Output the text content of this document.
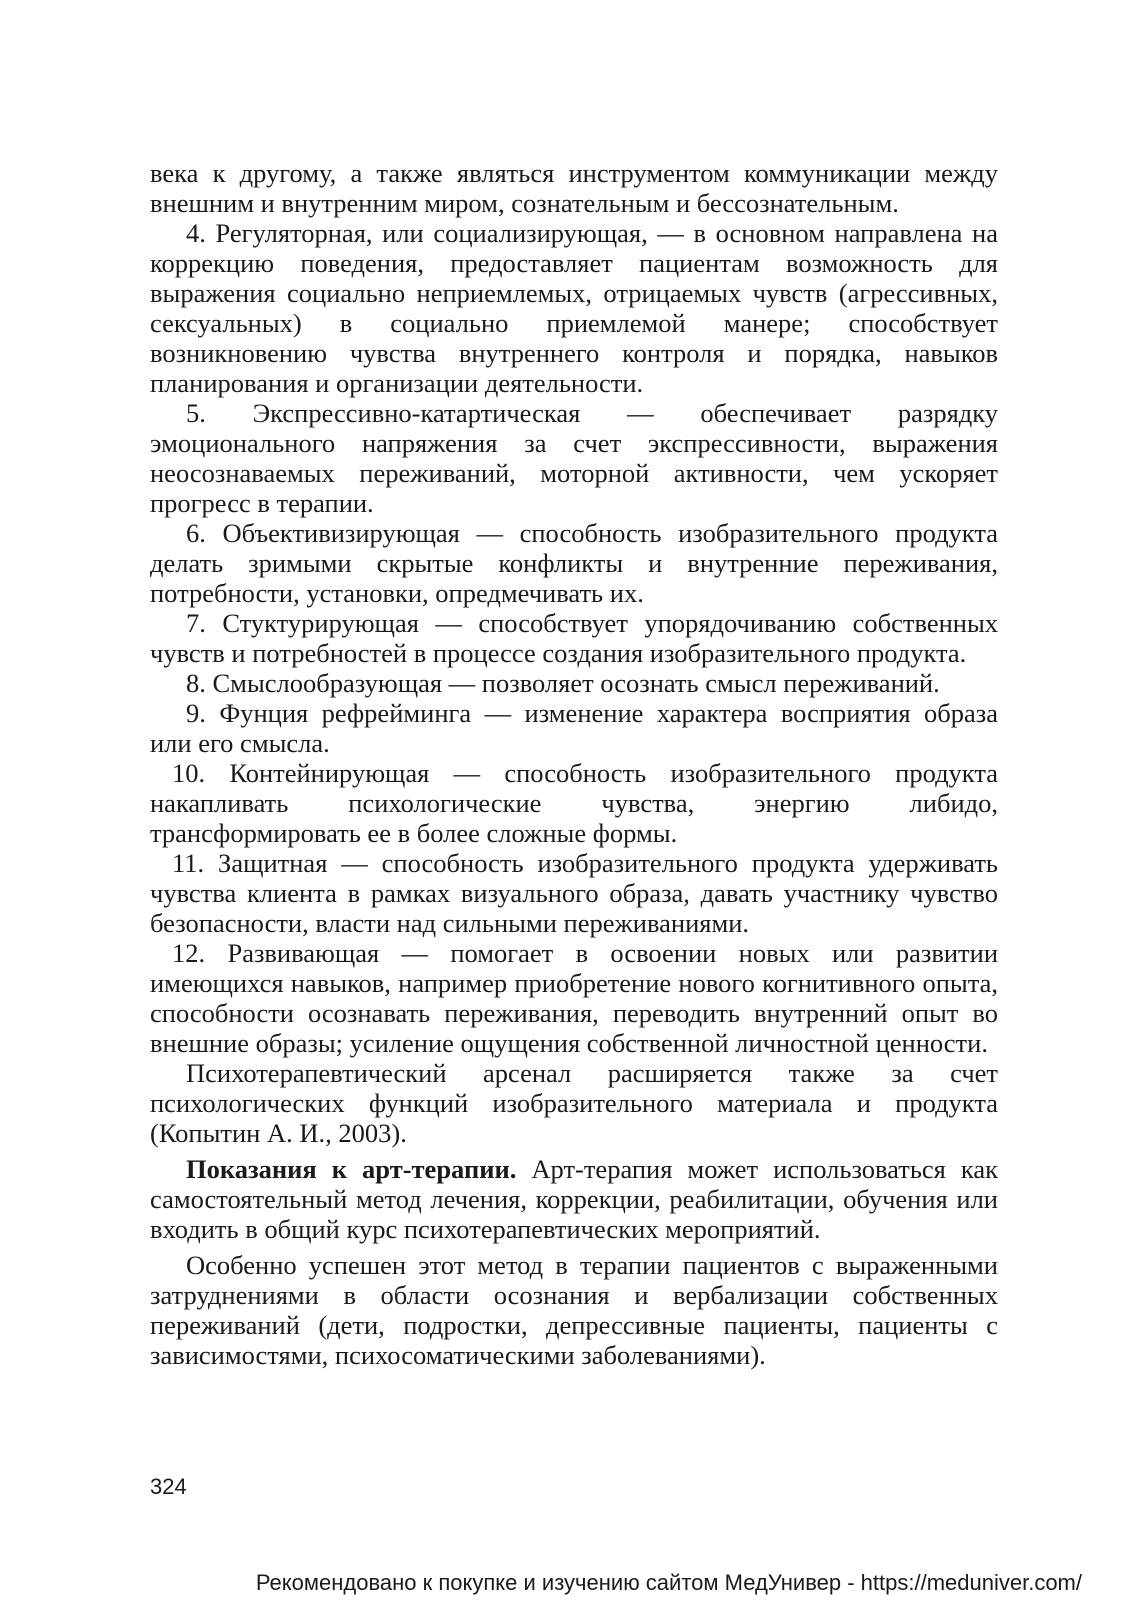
века к другому, а также являться инструментом коммуникации между внешним и внутренним миром, сознательным и бессознательным.

4. Регуляторная, или социализирующая, — в основном направлена на коррекцию поведения, предоставляет пациентам возможность для выражения социально неприемлемых, отрицаемых чувств (агрессивных, сексуальных) в социально приемлемой манере; способствует возникновению чувства внутреннего контроля и порядка, навыков планирования и организации деятельности.

5. Экспрессивно-катартическая — обеспечивает разрядку эмоционального напряжения за счет экспрессивности, выражения неосознаваемых переживаний, моторной активности, чем ускоряет прогресс в терапии.

6. Объективизирующая — способность изобразительного продукта делать зримыми скрытые конфликты и внутренние переживания, потребности, установки, опредмечивать их.

7. Стуктурирующая — способствует упорядочиванию собственных чувств и потребностей в процессе создания изобразительного продукта.

8. Смыслообразующая — позволяет осознать смысл переживаний.

9. Фунция рефрейминга — изменение характера восприятия образа или его смысла.

10. Контейнирующая — способность изобразительного продукта накапливать психологические чувства, энергию либидо, трансформировать ее в более сложные формы.

11. Защитная — способность изобразительного продукта удерживать чувства клиента в рамках визуального образа, давать участнику чувство безопасности, власти над сильными переживаниями.

12. Развивающая — помогает в освоении новых или развитии имеющихся навыков, например приобретение нового когнитивного опыта, способности осознавать переживания, переводить внутренний опыт во внешние образы; усиление ощущения собственной личностной ценности.

Психотерапевтический арсенал расширяется также за счет психологических функций изобразительного материала и продукта (Копытин А. И., 2003).

Показания к арт-терапии. Арт-терапия может использоваться как самостоятельный метод лечения, коррекции, реабилитации, обучения или входить в общий курс психотерапевтических мероприятий.

Особенно успешен этот метод в терапии пациентов с выраженными затруднениями в области осознания и вербализации собственных переживаний (дети, подростки, депрессивные пациенты, пациенты с зависимостями, психосоматическими заболеваниями).

324
Рекомендовано к покупке и изучению сайтом МедУнивер - https://meduniver.com/
